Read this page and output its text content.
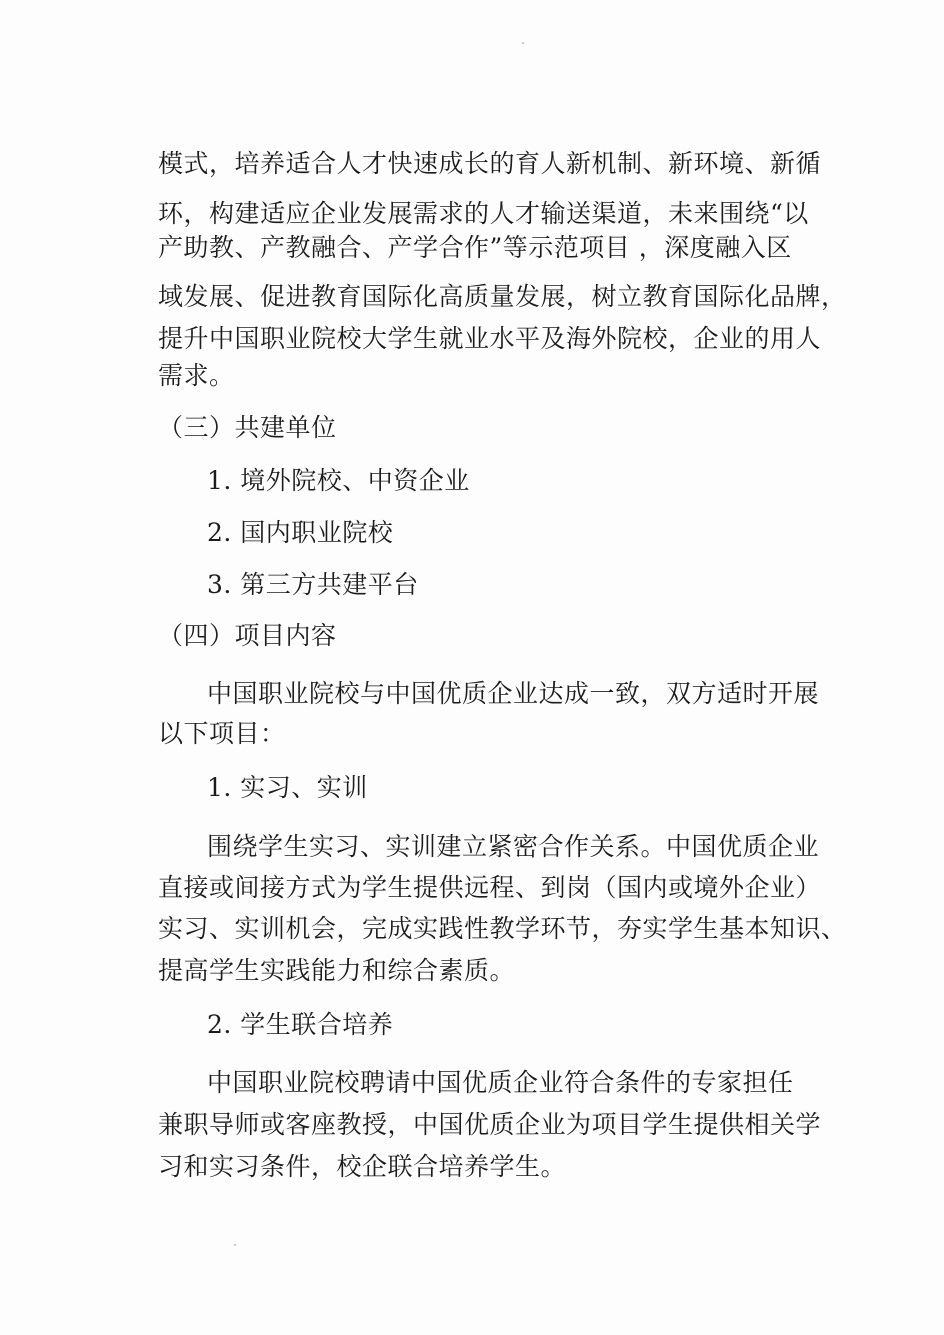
模式，培养适合人才快速成长的育人新机制、新环境、新循
环，构建适应企业发展需求的人才输送渠道，未来围绕“以
产助教、产教融合、产学合作”等示范项目 ，深度融入区
域发展、促进教育国际化高质量发展，树立教育国际化品牌，
提升中国职业院校大学生就业水平及海外院校，企业的用人
需求。
（三）共建单位
1. 境外院校、中资企业
2. 国内职业院校
3. 第三方共建平台
（四）项目内容
中国职业院校与中国优质企业达成一致，双方适时开展
以下项目：
1. 实习、实训
围绕学生实习、实训建立紧密合作关系。中国优质企业
直接或间接方式为学生提供远程、到岗（国内或境外企业）
实习、实训机会，完成实践性教学环节，夯实学生基本知识、
提高学生实践能力和综合素质。
2. 学生联合培养
中国职业院校聘请中国优质企业符合条件的专家担任
兼职导师或客座教授，中国优质企业为项目学生提供相关学
习和实习条件，校企联合培养学生。
